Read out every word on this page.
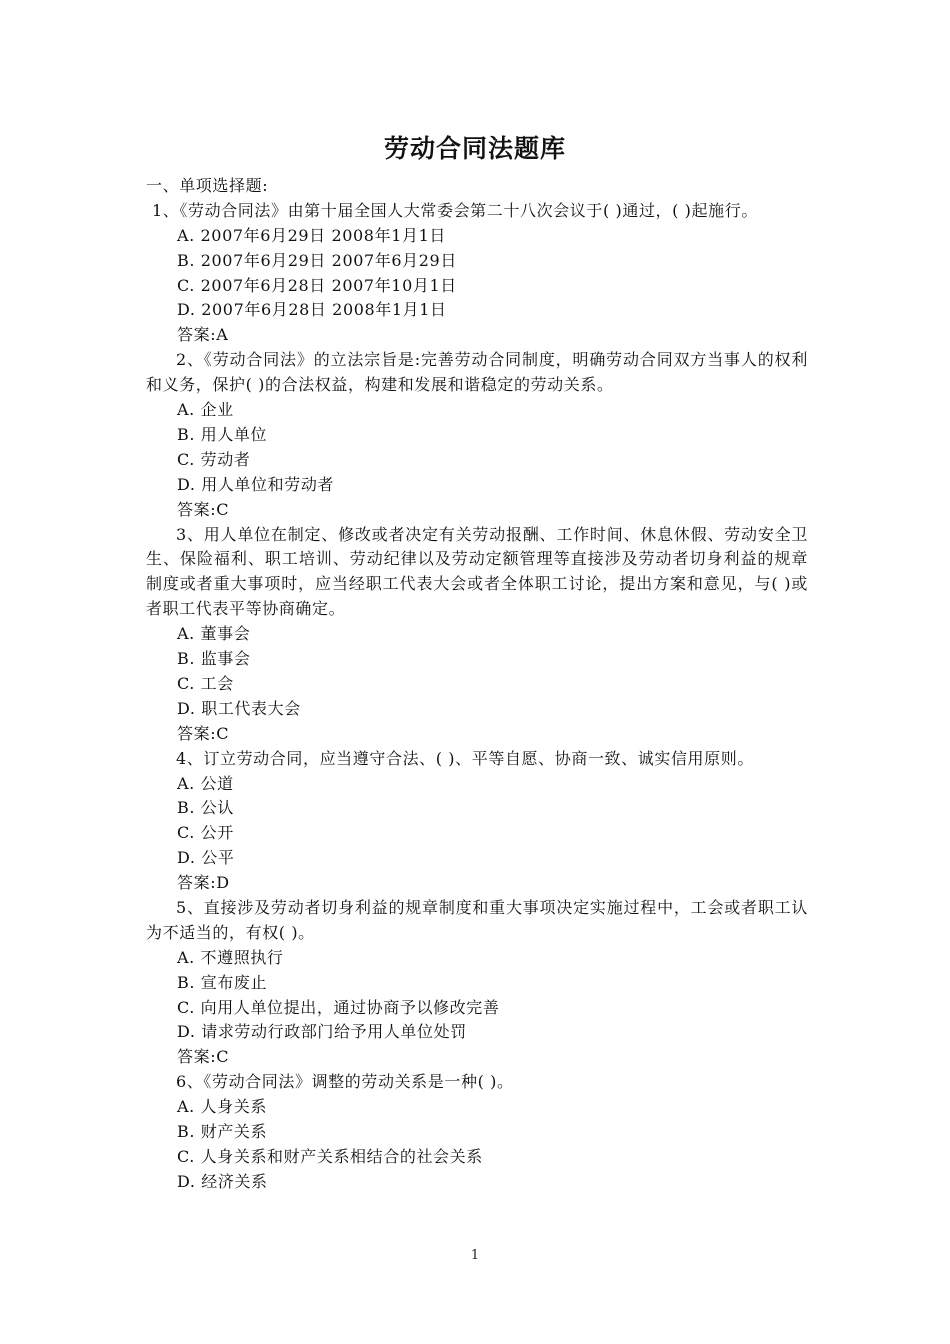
劳动合同法题库
一、单项选择题:
1、《劳动合同法》由第十届全国人大常委会第二十八次会议于( )通过，( )起施行。
A. 2007年6月29日 2008年1月1日
B. 2007年6月29日 2007年6月29日
C. 2007年6月28日 2007年10月1日
D. 2007年6月28日 2008年1月1日
答案:A
2、《劳动合同法》的立法宗旨是:完善劳动合同制度，明确劳动合同双方当事人的权利和义务，保护( )的合法权益，构建和发展和谐稳定的劳动关系。
A. 企业
B. 用人单位
C. 劳动者
D. 用人单位和劳动者
答案:C
3、用人单位在制定、修改或者决定有关劳动报酬、工作时间、休息休假、劳动安全卫生、保险福利、职工培训、劳动纪律以及劳动定额管理等直接涉及劳动者切身利益的规章制度或者重大事项时，应当经职工代表大会或者全体职工讨论，提出方案和意见，与( )或者职工代表平等协商确定。
A. 董事会
B. 监事会
C. 工会
D. 职工代表大会
答案:C
4、订立劳动合同，应当遵守合法、( )、平等自愿、协商一致、诚实信用原则。
A. 公道
B. 公认
C. 公开
D. 公平
答案:D
5、直接涉及劳动者切身利益的规章制度和重大事项决定实施过程中，工会或者职工认为不适当的，有权( )。
A. 不遵照执行
B. 宣布废止
C. 向用人单位提出，通过协商予以修改完善
D. 请求劳动行政部门给予用人单位处罚
答案:C
6、《劳动合同法》调整的劳动关系是一种( )。
A. 人身关系
B. 财产关系
C. 人身关系和财产关系相结合的社会关系
D. 经济关系
1
